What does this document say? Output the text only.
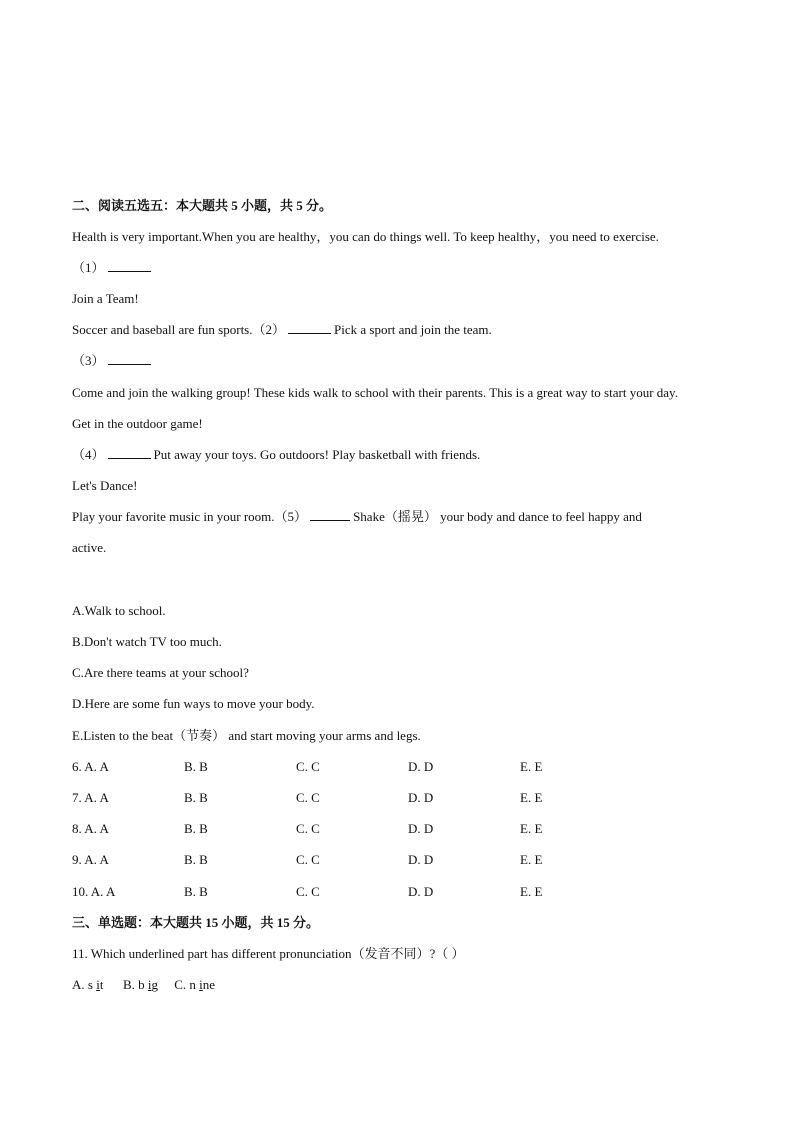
二、阅读五选五：本大题共 5 小题，共 5 分。
Health is very important.When you are healthy，you can do things well. To keep healthy，you need to exercise.
（1）
Join a Team!
Soccer and baseball are fun sports.（2）	Pick a sport and join the team.
（3）
Come and join the walking group! These kids walk to school with their parents. This is a great way to start your day.
Get in the outdoor game!
（4）	Put away your toys. Go outdoors! Play basketball with friends.
Let's Dance!
Play your favorite music in your room.（5）	Shake（摇晃） your body and dance to feel happy and
active.
A.Walk to school.
B.Don't watch TV too much.
C.Are there teams at your school?
D.Here are some fun ways to move your body.
E.Listen to the beat（节奏） and start moving your arms and legs.
6. A. A	B. B	C. C	D. D	E. E
7. A. A	B. B	C. C	D. D	E. E
8. A. A	B. B	C. C	D. D	E. E
9. A. A	B. B	C. C	D. D	E. E
10. A. A	B. B	C. C	D. D	E. E
三、单选题：本大题共 15 小题，共 15 分。
11. Which underlined part has different pronunciation（发音不同）?（ ）
A. s it B. b ig C. n ine
